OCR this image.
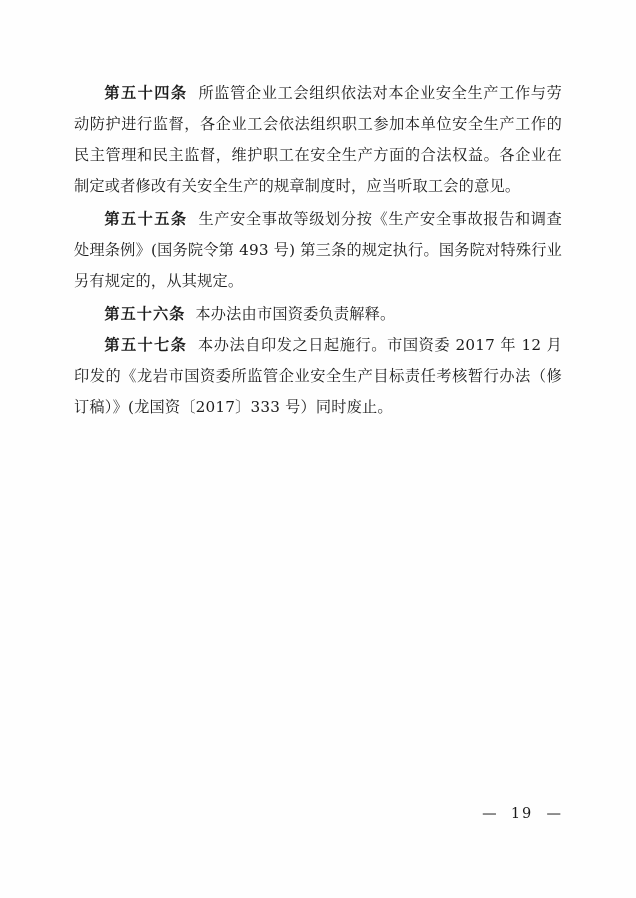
第五十四条 所监管企业工会组织依法对本企业安全生产工作与劳动防护进行监督，各企业工会依法组织职工参加本单位安全生产工作的民主管理和民主监督，维护职工在安全生产方面的合法权益。各企业在制定或者修改有关安全生产的规章制度时，应当听取工会的意见。

第五十五条 生产安全事故等级划分按《生产安全事故报告和调查处理条例》(国务院令第 493 号) 第三条的规定执行。国务院对特殊行业另有规定的，从其规定。

第五十六条 本办法由市国资委负责解释。

第五十七条 本办法自印发之日起施行。市国资委 2017 年 12 月印发的《龙岩市国资委所监管企业安全生产目标责任考核暂行办法（修订稿）》(龙国资〔2017〕333 号）同时废止。

— 19 —
